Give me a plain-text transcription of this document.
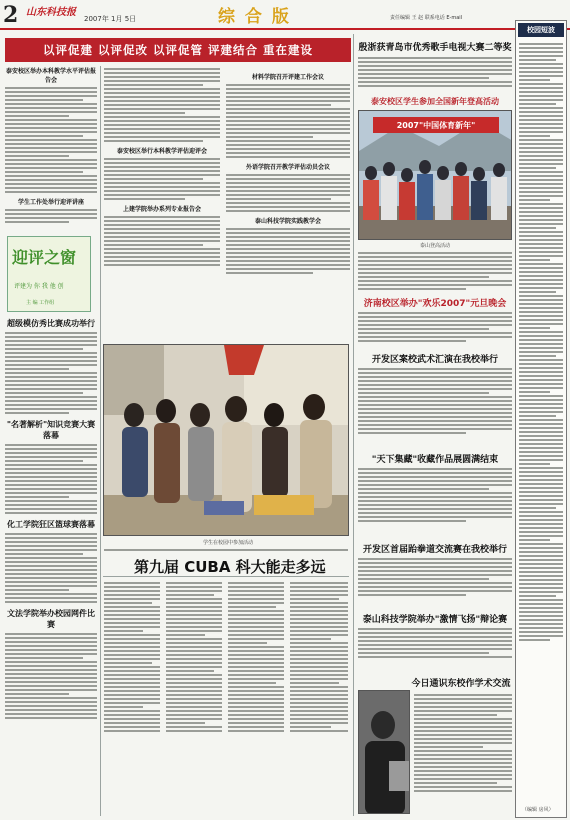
2 山东科技报
2007年 1月 5日	综 合 版	责任编辑 王 赵 联系电话 E-mail
以评促建 以评促改 以评促管 评建结合 重在建设
泰安校区举办本科教学水平评估报告会
学生工作处举行迎评讲座
迎评之窗
评建为 你 我 他 创
主 编 工作组
超级模仿秀比赛成功举行
"名著解析"知识竞赛大赛落幕
化工学院狂区篮球赛落幕
文法学院举办校园网件比赛
泰安校区举行本科教学评估迎评会
上建学院举办系列专业报告会
材料学院召开评建工作会议
外语学院召开教学评估动员会议
泰山科技学院实践教学会
学生在校园中参加活动
第九届 CUBA 科大能走多远
殷浙获青岛市优秀歌手电视大赛二等奖
泰安校区学生参加全国新年登高活动
2007"中国体育新年"
泰山登高活动
济南校区举办"欢乐2007"元旦晚会
开发区案校武术汇演在我校举行
"天下集藏"收藏作品展圆满结束
开发区首届跆拳道交流赛在我校举行
泰山科技学院举办"激情飞扬"辩论赛
今日通识东校作学术交流
校园短波
（编辑 房风）
